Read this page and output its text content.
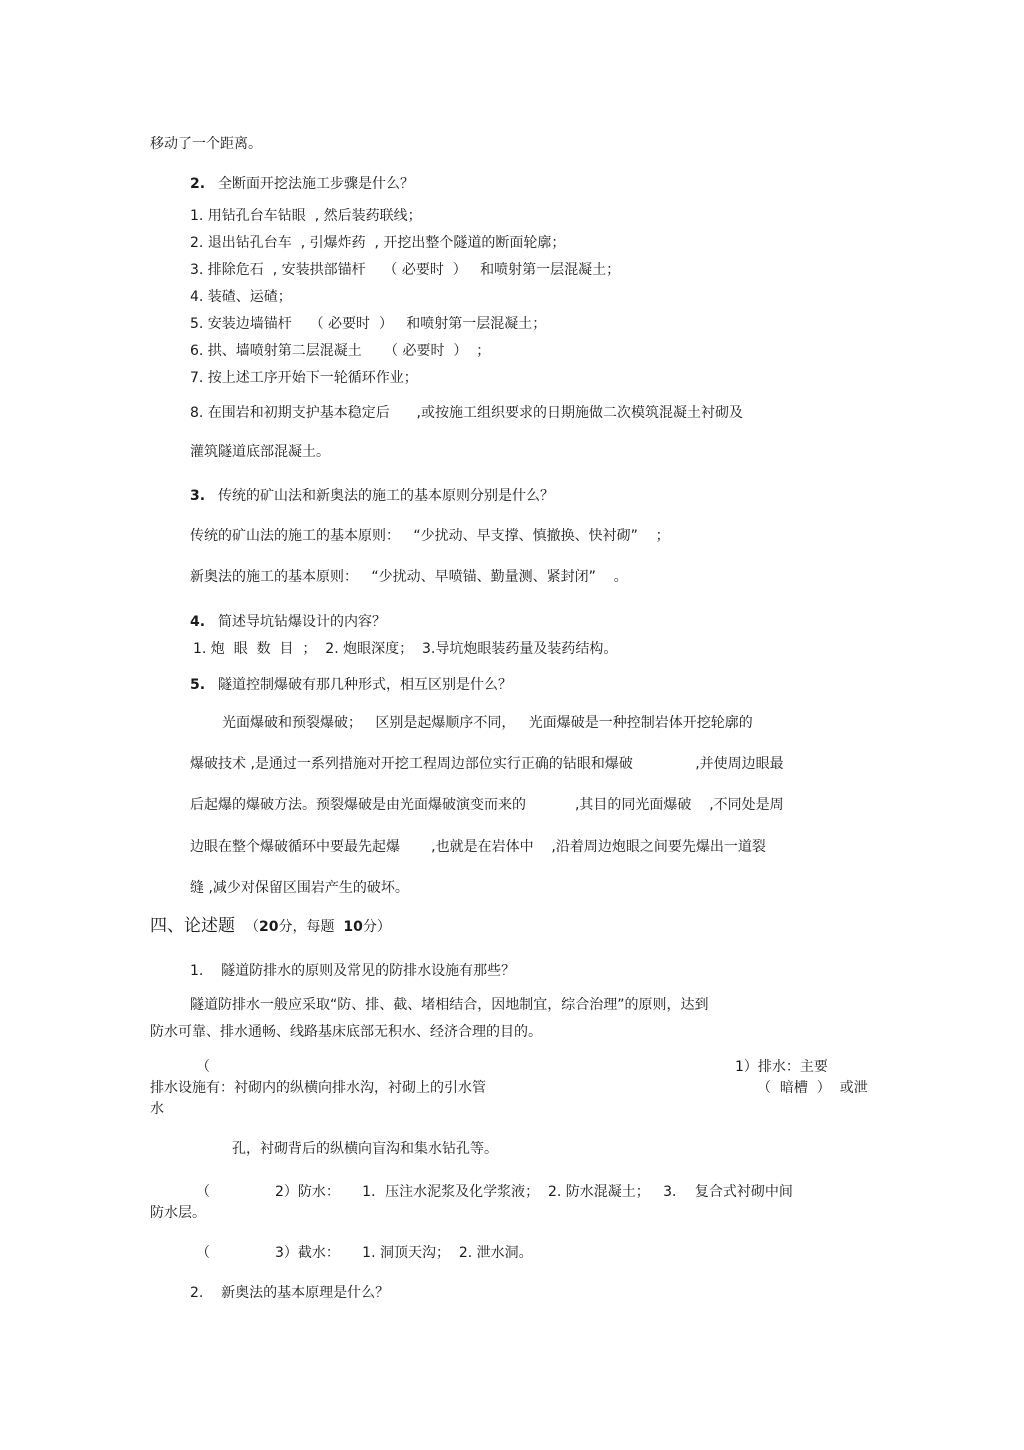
移动了一个距离。
2. 全断面开挖法施工步骤是什么？
1. 用钻孔台车钻眼  , 然后装药联线；
2. 退出钻孔台车  , 引爆炸药  , 开挖出整个隧道的断面轮廓；
3. 排除危石  , 安装拱部锚杆    （ 必要时  ）   和喷射第一层混凝土；
4. 装碴、运碴；
5. 安装边墙锚杆    （ 必要时  ）   和喷射第一层混凝土；
6. 拱、墙喷射第二层混凝土     （ 必要时  ）  ；
7. 按上述工序开始下一轮循环作业；
8. 在围岩和初期支护基本稳定后      ,或按施工组织要求的日期施做二次模筑混凝土衬砌及
灌筑隧道底部混凝土。
3. 传统的矿山法和新奥法的施工的基本原则分别是什么？
传统的矿山法的施工的基本原则：   “少扰动、早支撑、慎撤换、快衬砌”    ；
新奥法的施工的基本原则：   “少扰动、早喷锚、勤量测、紧封闭”    。
4. 简述导坑钻爆设计的内容？
1. 炮  眼  数  目  ；  2. 炮眼深度；  3.导坑炮眼装药量及装药结构。
5. 隧道控制爆破有那几种形式，相互区别是什么？
光面爆破和预裂爆破；   区别是起爆顺序不同，   光面爆破是一种控制岩体开挖轮廓的
爆破技术 ,是通过一系列措施对开挖工程周边部位实行正确的钻眼和爆破              ,并使周边眼最
后起爆的爆破方法。预裂爆破是由光面爆破演变而来的           ,其目的同光面爆破    ,不同处是周
边眼在整个爆破循环中要最先起爆       ,也就是在岩体中    ,沿着周边炮眼之间要先爆出一道裂
缝 ,减少对保留区围岩产生的破坏。
四、论述题 （20分，每题  10分）
1.    隧道防排水的原则及常见的防排水设施有那些？
隧道防排水一般应采取“防、排、截、堵相结合，因地制宜，综合治理”的原则，达到
防水可靠、排水通畅、线路基床底部无积水、经济合理的目的。
（	1）排水：主要
排水设施有：衬砌内的纵横向排水沟，衬砌上的引水管	（  暗槽  ）  或泄
水
孔，衬砌背后的纵横向盲沟和集水钻孔等。
（	2）防水：     1．压注水泥浆及化学浆液；  2. 防水混凝土；   3．  复合式衬砌中间
防水层。
（	3）截水：     1. 洞顶天沟；  2. 泄水洞。
2.    新奥法的基本原理是什么？
